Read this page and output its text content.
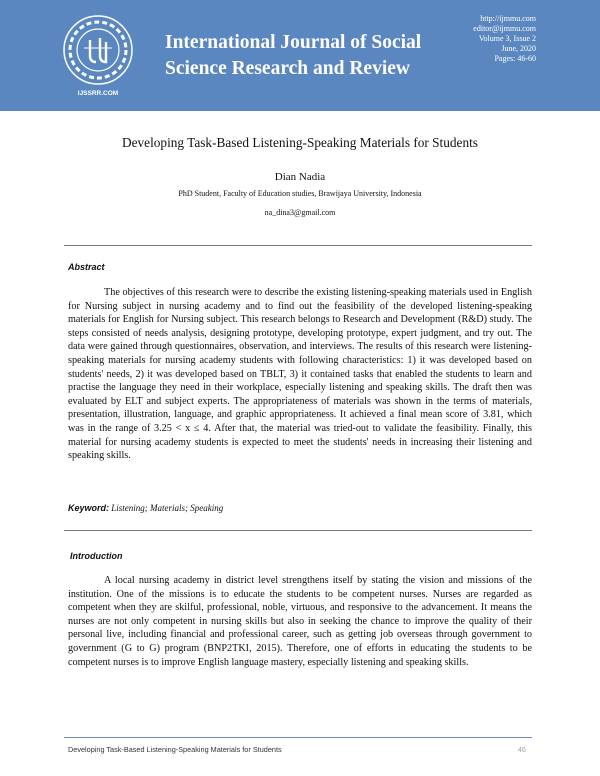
IJSSRR.COM
International Journal of Social
Science Research and Review
http://ijmmu.com
editor@ijmmu.com
Volume 3, Issue 2
June, 2020
Pages: 46-60
Developing Task-Based Listening-Speaking Materials for Students
Dian Nadia
PhD Student, Faculty of Education studies, Brawijaya University, Indonesia
na_dina3@gmail.com
Abstract

The objectives of this research were to describe the existing listening-speaking materials used in English for Nursing subject in nursing academy and to find out the feasibility of the developed listening-speaking materials for English for Nursing subject. This research belongs to Research and Development (R&D) study. The steps consisted of needs analysis, designing prototype, developing prototype, expert judgment, and try out. The data were gained through questionnaires, observation, and interviews. The results of this research were listening-speaking materials for nursing academy students with following characteristics: 1) it was developed based on students' needs, 2) it was developed based on TBLT, 3) it contained tasks that enabled the students to learn and practise the language they need in their workplace, especially listening and speaking skills. The draft then was evaluated by ELT and subject experts. The appropriateness of materials was shown in the terms of materials, presentation, illustration, language, and graphic appropriateness. It achieved a final mean score of 3.81, which was in the range of 3.25 < x ≤ 4. After that, the material was tried-out to validate the feasibility. Finally, this material for nursing academy students is expected to meet the students' needs in increasing their listening and speaking skills.

Keyword: Listening; Materials; Speaking
Introduction

A local nursing academy in district level strengthens itself by stating the vision and missions of the institution. One of the missions is to educate the students to be competent nurses. Nurses are regarded as competent when they are skilful, professional, noble, virtuous, and responsive to the advancement. It means the nurses are not only competent in nursing skills but also in seeking the chance to improve the quality of their personal live, including financial and professional career, such as getting job overseas through government to government (G to G) program (BNP2TKI, 2015). Therefore, one of efforts in educating the students to be competent nurses is to improve English language mastery, especially listening and speaking skills.

Developing Task-Based Listening-Speaking Materials for Students	46
